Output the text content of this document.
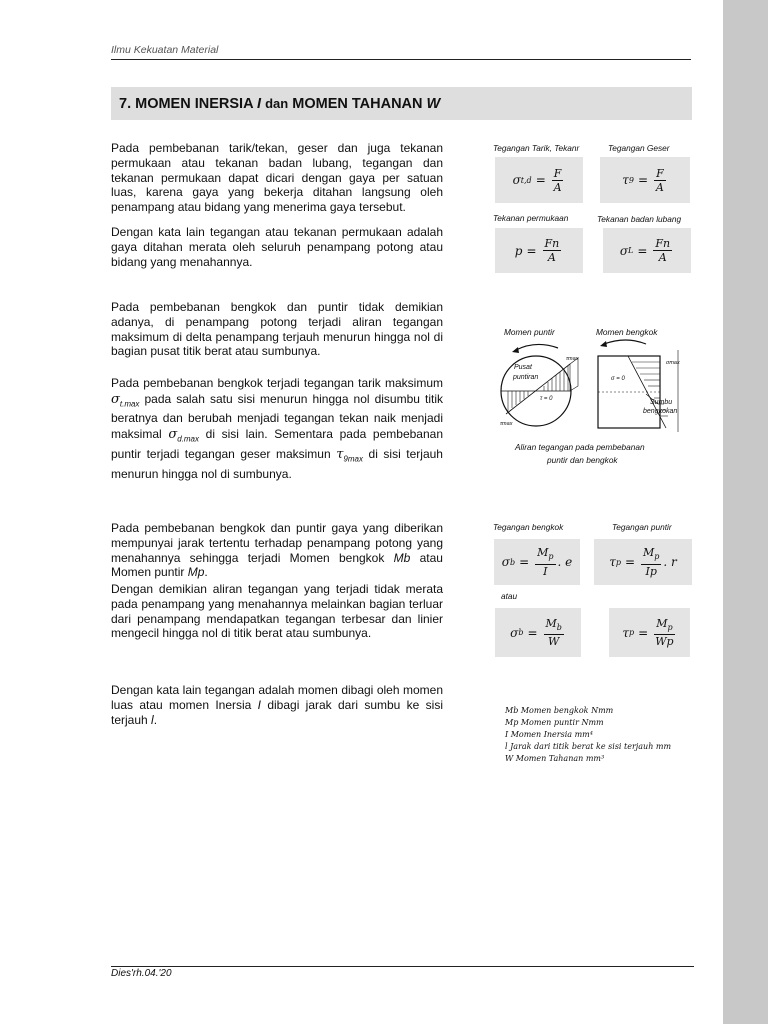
Ilmu Kekuatan Material
7. MOMEN INERSIA I dan MOMEN TAHANAN W
Pada pembebanan tarik/tekan, geser dan juga tekanan permukaan atau tekanan badan lubang, tegangan dan tekanan permukaan dapat dicari dengan gaya per satuan luas, karena gaya yang bekerja ditahan langsung oleh penampang atau bidang yang menerima gaya tersebut.
Dengan kata lain tegangan atau tekanan permukaan adalah gaya ditahan merata oleh seluruh penampang potong atau bidang yang menahannya.
Pada pembebanan bengkok dan puntir tidak demikian adanya, di penampang potong terjadi aliran tegangan maksimum di delta penampang terjauh menurun hingga nol di bagian pusat titik berat atau sumbunya.
Pada pembebanan bengkok terjadi tegangan tarik maksimum $\sigma_{t.max}$ pada salah satu sisi menurun hingga nol disumbu titik beratnya dan berubah menjadi tegangan tekan naik menjadi maksimal $\sigma_{d.max}$ di sisi lain. Sementara pada pembebanan puntir terjadi tegangan geser maksimun $\tau_{9max}$ di sisi terjauh menurun hingga nol di sumbunya.
Pada pembebanan bengkok dan puntir gaya yang diberikan mempunyai jarak tertentu terhadap penampang potong yang menahannya sehingga terjadi Momen bengkok Mb atau Momen puntir Mp.
Dengan demikian aliran tegangan yang terjadi tidak merata pada penampang yang menahannya melainkan bagian terluar dari penampang mendapatkan tegangan terbesar dan linier mengecil hingga nol di titik berat atau sumbunya.
Dengan kata lain tegangan adalah momen dibagi oleh momen luas atau momen Inersia I dibagi jarak dari sumbu ke sisi terjauh l.
Tegangan Tarik, Tekanr	Tegangan Geser
σ $t,d = \frac{F}{A}$	τ $9 = \frac{F}{A}$
Tekanan permukaan	Tekanan badan lubang
$p = \frac{Fn}{A}$	σ $L = \frac{Fn}{A}$
Momen puntir	Momen bengkok
Pusat
puntiran
τmax
τ = 0
τmax
σmax
σ = 0
Sumbu
bengkokan
Aliran tegangan pada pembebanan
puntir dan bengkok
Tegangan bengkok	Tegangan puntir
σ $b = \frac{M_p}{I}$ . e	τ $p = \frac{M_p}{Ip}$ . r
atau
σ $b = \frac{M_b}{W}$	τ $p = \frac{M_p}{Wp}$
Mb Momen bengkok Nmm
Mp Momen puntir Nmm
I Momen Inersia mm⁴
l Jarak dari titik berat ke sisi terjauh mm
W Momen Tahanan mm³
Dies'rh.04.'20
